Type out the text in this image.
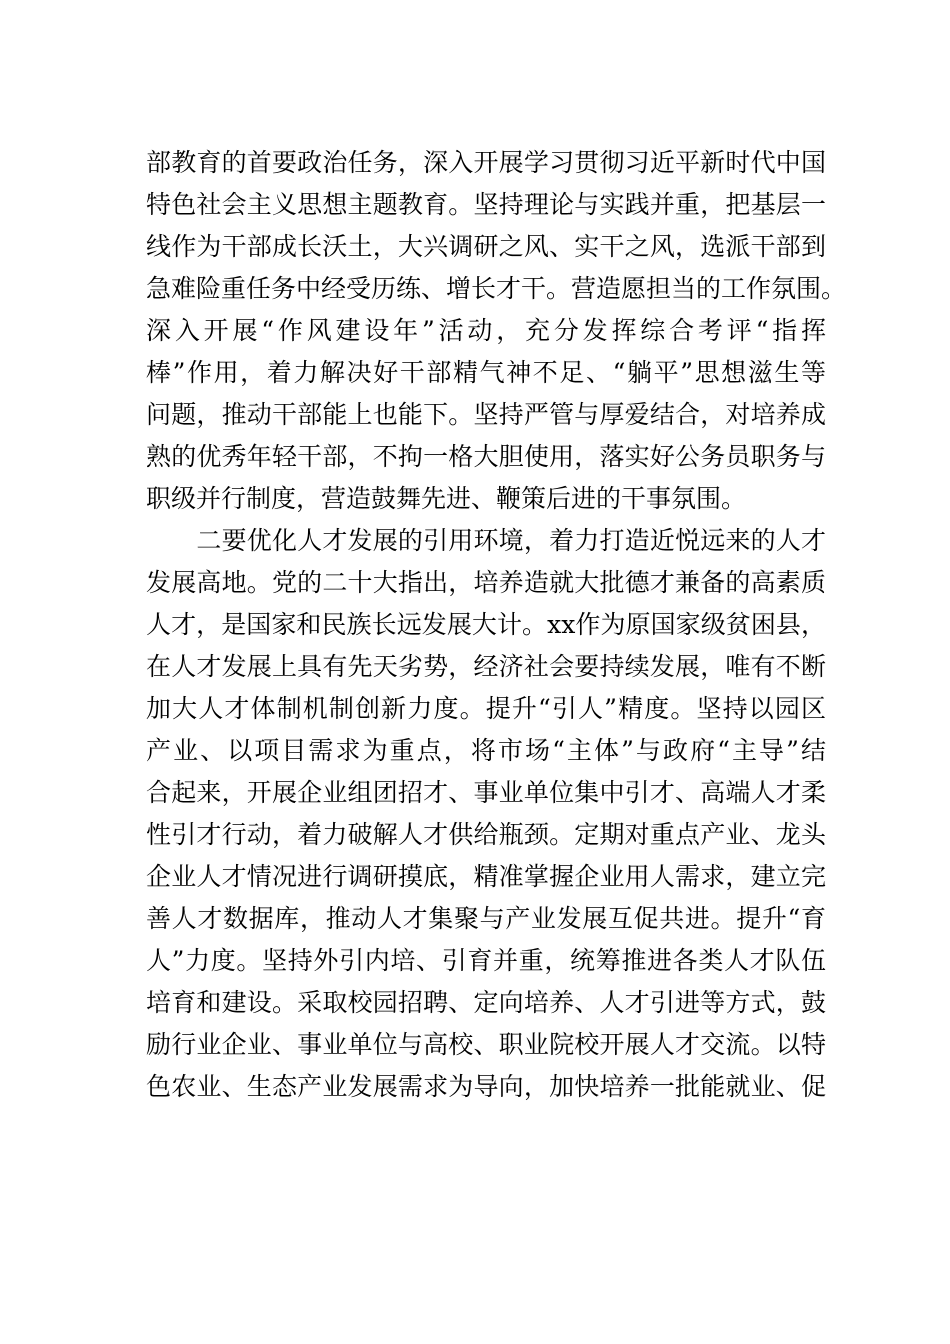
部教育的首要政治任务，深入开展学习贯彻习近平新时代中国
特色社会主义思想主题教育。坚持理论与实践并重，把基层一
线作为干部成长沃土，大兴调研之风、实干之风，选派干部到
急难险重任务中经受历练、增长才干。营造愿担当的工作氛围。
深入开展“作风建设年”活动，充分发挥综合考评“指挥
棒”作用，着力解决好干部精气神不足、“躺平”思想滋生等
问题，推动干部能上也能下。坚持严管与厚爱结合，对培养成
熟的优秀年轻干部，不拘一格大胆使用，落实好公务员职务与
职级并行制度，营造鼓舞先进、鞭策后进的干事氛围。
　　二要优化人才发展的引用环境，着力打造近悦远来的人才
发展高地。党的二十大指出，培养造就大批德才兼备的高素质
人才，是国家和民族长远发展大计。xx作为原国家级贫困县，
在人才发展上具有先天劣势，经济社会要持续发展，唯有不断
加大人才体制机制创新力度。提升“引人”精度。坚持以园区
产业、以项目需求为重点，将市场“主体”与政府“主导”结
合起来，开展企业组团招才、事业单位集中引才、高端人才柔
性引才行动，着力破解人才供给瓶颈。定期对重点产业、龙头
企业人才情况进行调研摸底，精准掌握企业用人需求，建立完
善人才数据库，推动人才集聚与产业发展互促共进。提升“育
人”力度。坚持外引内培、引育并重，统筹推进各类人才队伍
培育和建设。采取校园招聘、定向培养、人才引进等方式，鼓
励行业企业、事业单位与高校、职业院校开展人才交流。以特
色农业、生态产业发展需求为导向，加快培养一批能就业、促
